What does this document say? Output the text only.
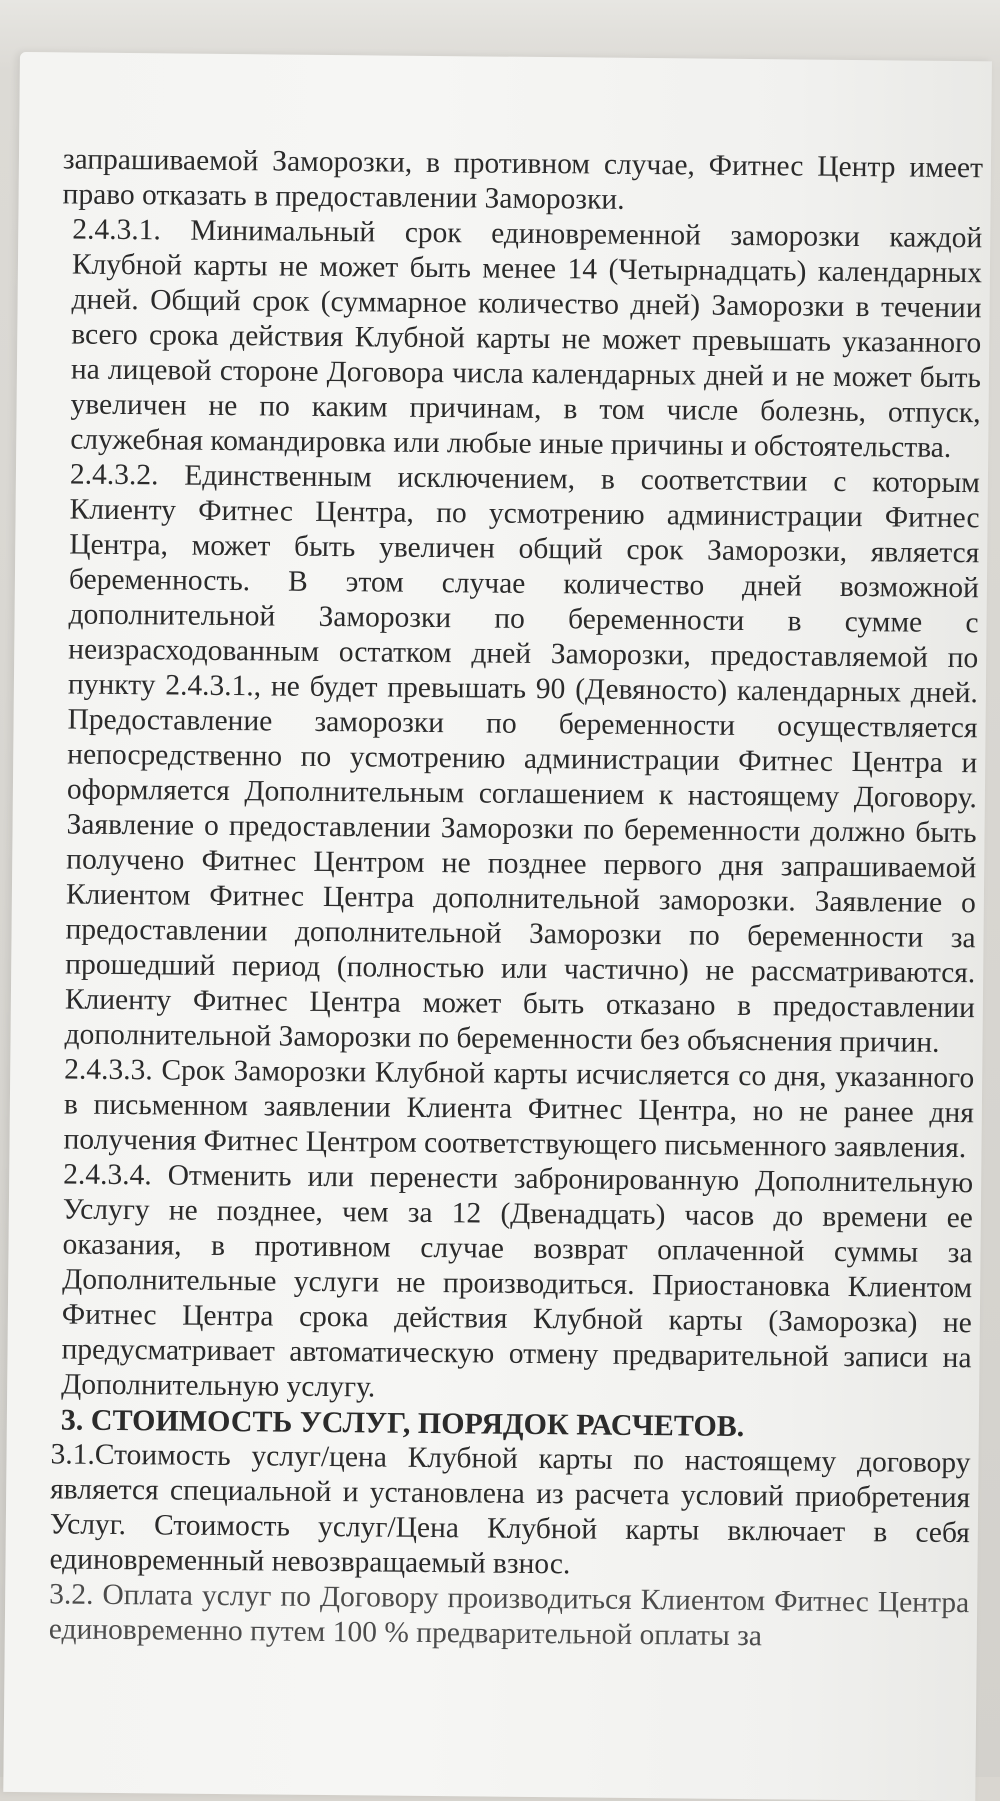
запрашиваемой Заморозки, в противном случае, Фитнес Центр имеет право отказать в предоставлении Заморозки.

2.4.3.1. Минимальный срок единовременной заморозки каждой Клубной карты не может быть менее 14 (Четырнадцать) календарных дней. Общий срок (суммарное количество дней) Заморозки в течении всего срока действия Клубной карты не может превышать указанного на лицевой стороне Договора числа календарных дней и не может быть увеличен не по каким причинам, в том числе болезнь, отпуск, служебная командировка или любые иные причины и обстоятельства.

2.4.3.2. Единственным исключением, в соответствии с которым Клиенту Фитнес Центра, по усмотрению администрации Фитнес Центра, может быть увеличен общий срок Заморозки, является беременность. В этом случае количество дней возможной дополнительной Заморозки по беременности в сумме с неизрасходованным остатком дней Заморозки, предоставляемой по пункту 2.4.3.1., не будет превышать 90 (Девяносто) календарных дней. Предоставление заморозки по беременности осуществляется непосредственно по усмотрению администрации Фитнес Центра и оформляется Дополнительным соглашением к настоящему Договору. Заявление о предоставлении Заморозки по беременности должно быть получено Фитнес Центром не позднее первого дня запрашиваемой Клиентом Фитнес Центра дополнительной заморозки. Заявление о предоставлении дополнительной Заморозки по беременности за прошедший период (полностью или частично) не рассматриваются. Клиенту Фитнес Центра может быть отказано в предоставлении дополнительной Заморозки по беременности без объяснения причин.

2.4.3.3. Срок Заморозки Клубной карты исчисляется со дня, указанного в письменном заявлении Клиента Фитнес Центра, но не ранее дня получения Фитнес Центром соответствующего письменного заявления.

2.4.3.4. Отменить или перенести забронированную Дополнительную Услугу не позднее, чем за 12 (Двенадцать) часов до времени ее оказания, в противном случае возврат оплаченной суммы за Дополнительные услуги не производиться. Приостановка Клиентом Фитнес Центра срока действия Клубной карты (Заморозка) не предусматривает автоматическую отмену предварительной записи на Дополнительную услугу.

3. СТОИМОСТЬ УСЛУГ, ПОРЯДОК РАСЧЕТОВ.

3.1.Стоимость услуг/цена Клубной карты по настоящему договору является специальной и установлена из расчета условий приобретения Услуг. Стоимость услуг/Цена Клубной карты включает в себя единовременный невозвращаемый взнос.

3.2. Оплата услуг по Договору производиться Клиентом Фитнес Центра единовременно путем 100 % предварительной оплаты за
